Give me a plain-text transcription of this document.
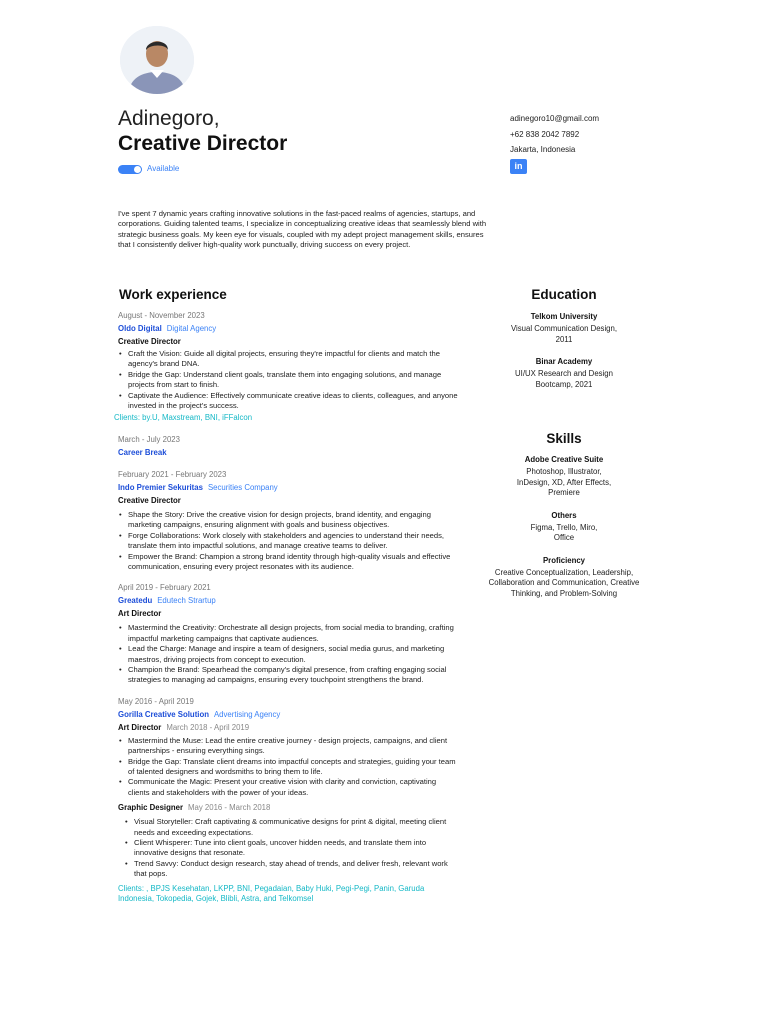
Adinegoro,
Creative Director
Available
adinegoro10@gmail.com
+62 838 2042 7892
Jakarta, Indonesia
in
I've spent 7 dynamic years crafting innovative solutions in the fast-paced realms of agencies, startups, and corporations. Guiding talented teams, I specialize in conceptualizing creative ideas that seamlessly blend with strategic business goals. My keen eye for visuals, coupled with my adept project management skills, ensures that I consistently deliver high-quality work punctually, driving success on every project.
Work experience
August - November 2023
Oldo Digital Digital Agency
Creative Director
• Craft the Vision: Guide all digital projects, ensuring they're impactful for clients and match the agency's brand DNA.
• Bridge the Gap: Understand client goals, translate them into engaging solutions, and manage projects from start to finish.
• Captivate the Audience: Effectively communicate creative ideas to clients, colleagues, and anyone invested in the project's success.
Clients: by.U, Maxstream, BNI, iFFalcon
March - July 2023
Career Break
February 2021 - February 2023
Indo Premier Sekuritas Securities Company
Creative Director
• Shape the Story: Drive the creative vision for design projects, brand identity, and engaging marketing campaigns, ensuring alignment with goals and business objectives.
• Forge Collaborations: Work closely with stakeholders and agencies to understand their needs, translate them into impactful solutions, and manage creative teams to deliver.
• Empower the Brand: Champion a strong brand identity through high-quality visuals and effective communication, ensuring every project resonates with its audience.
April 2019 - February 2021
Greatedu Edutech Strartup
Art Director
• Mastermind the Creativity: Orchestrate all design projects, from social media to branding, crafting impactful marketing campaigns that captivate audiences.
• Lead the Charge: Manage and inspire a team of designers, social media gurus, and marketing maestros, driving projects from concept to execution.
• Champion the Brand: Spearhead the company's digital presence, from crafting engaging social strategies to managing ad campaigns, ensuring every touchpoint strengthens the brand.
May 2016 - April 2019
Gorilla Creative Solution Advertising Agency
Art Director March 2018 - April 2019
• Mastermind the Muse: Lead the entire creative journey - design projects, campaigns, and client partnerships - ensuring everything sings.
• Bridge the Gap: Translate client dreams into impactful concepts and strategies, guiding your team of talented designers and wordsmiths to bring them to life.
• Communicate the Magic: Present your creative vision with clarity and conviction, captivating clients and stakeholders with the power of your ideas.
Graphic Designer May 2016 - March 2018
• Visual Storyteller: Craft captivating & communicative designs for print & digital, meeting client needs and exceeding expectations.
• Client Whisperer: Tune into client goals, uncover hidden needs, and translate them into innovative designs that resonate.
• Trend Savvy: Conduct design research, stay ahead of trends, and deliver fresh, relevant work that pops.
Clients: , BPJS Kesehatan, LKPP, BNI, Pegadaian, Baby Huki, Pegi-Pegi, Panin, Garuda Indonesia, Tokopedia, Gojek, Blibli, Astra, and Telkomsel
Education
Telkom University
Visual Communication Design, 2011
Binar Academy
UI/UX Research and Design Bootcamp, 2021
Skills
Adobe Creative Suite
Photoshop, Illustrator, InDesign, XD, After Effects, Premiere
Others
Figma, Trello, Miro, Office
Proficiency
Creative Conceptualization, Leadership, Collaboration and Communication, Creative Thinking, and Problem-Solving
